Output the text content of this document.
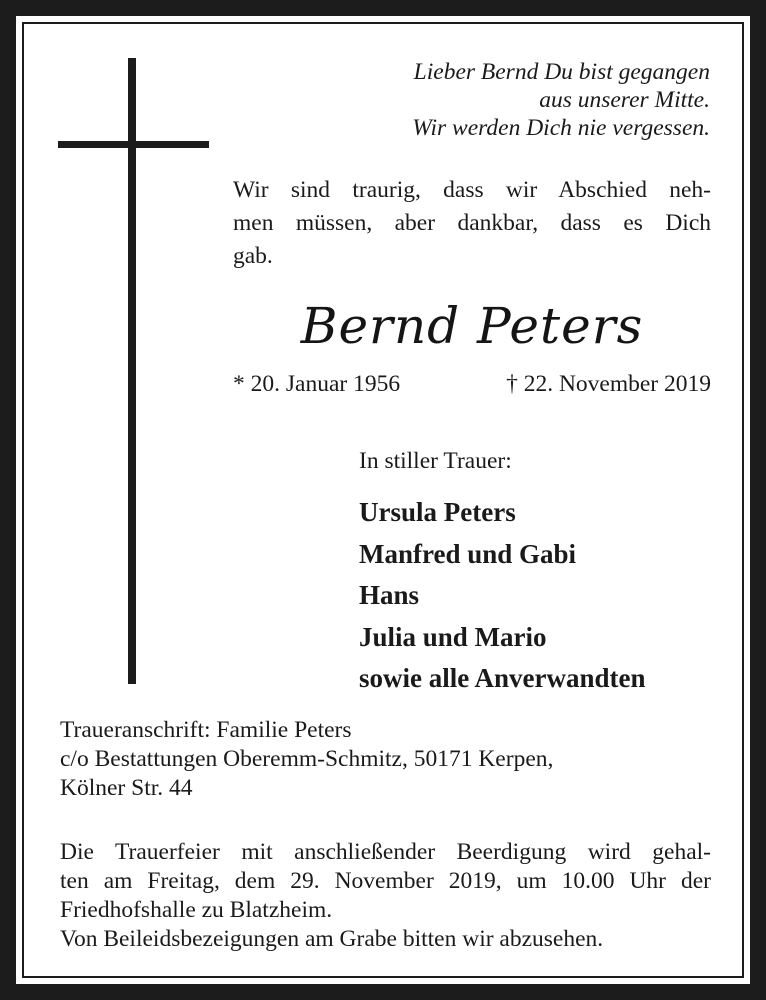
Lieber Bernd Du bist gegangen
aus unserer Mitte.
Wir werden Dich nie vergessen.
Wir sind traurig, dass wir Abschied neh-
men müssen, aber dankbar, dass es Dich
gab.
Bernd Peters
* 20. Januar 1956	† 22. November 2019
In stiller Trauer:
Ursula Peters
Manfred und Gabi
Hans
Julia und Mario
sowie alle Anverwandten
Traueranschrift: Familie Peters
c/o Bestattungen Oberemm-Schmitz, 50171 Kerpen,
Kölner Str. 44
Die Trauerfeier mit anschließender Beerdigung wird gehal-
ten am Freitag, dem 29. November 2019, um 10.00 Uhr der
Friedhofshalle zu Blatzheim.
Von Beileidsbezeigungen am Grabe bitten wir abzusehen.
